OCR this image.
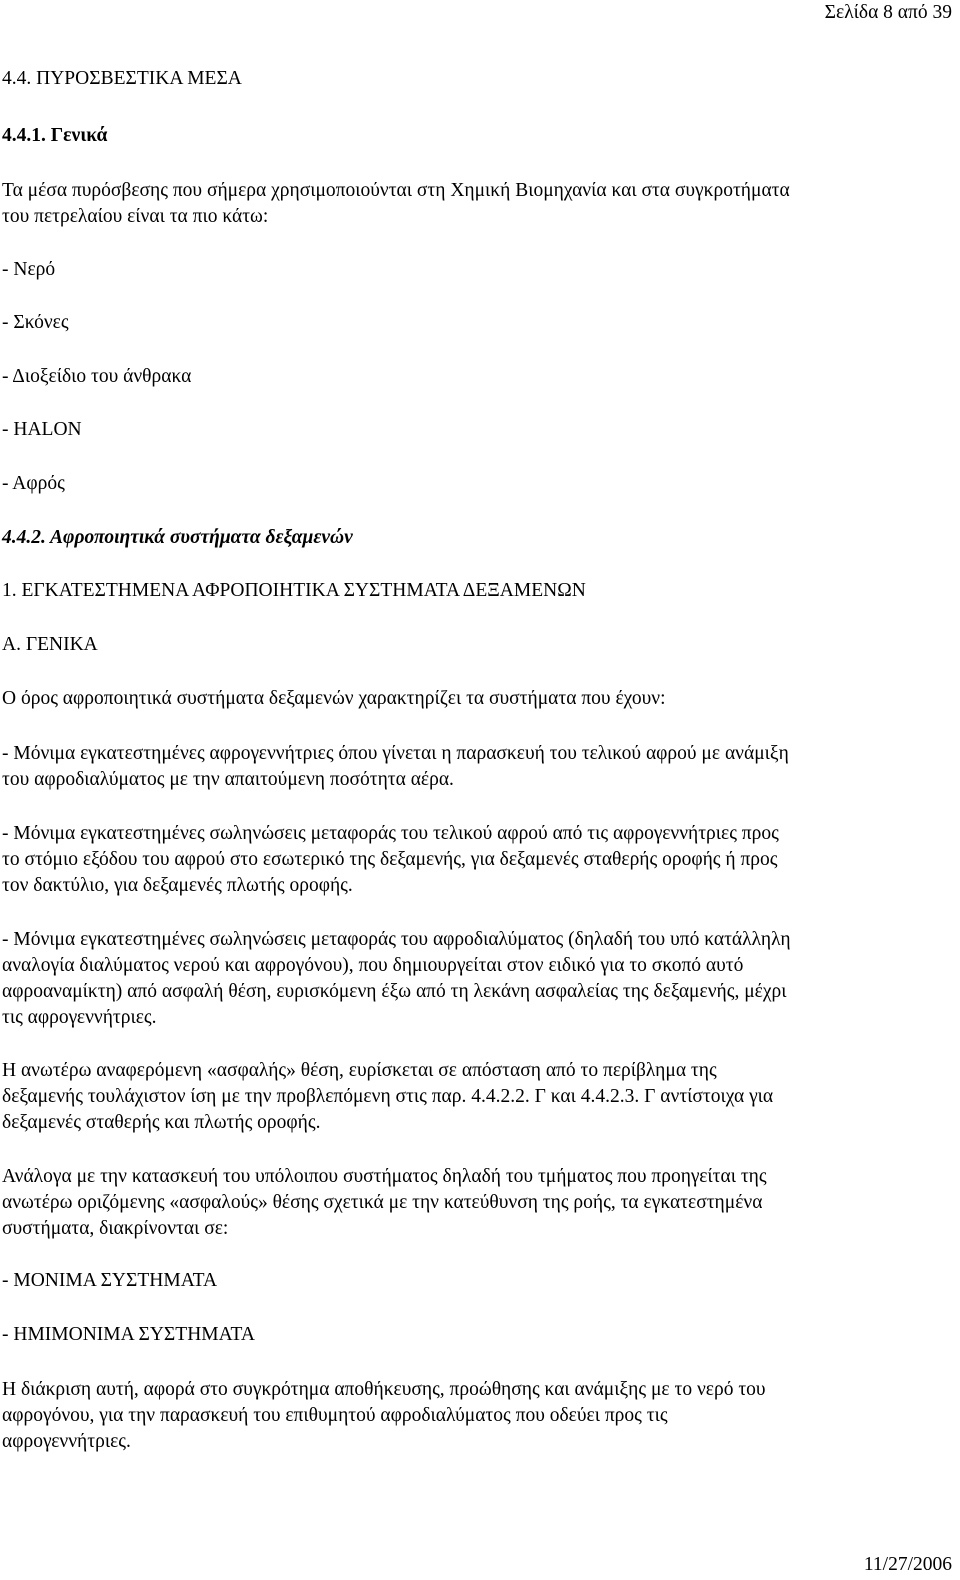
Σελίδα 8 από 39

4.4. ΠΥΡΟΣΒΕΣΤΙΚΑ ΜΕΣΑ

4.4.1. Γενικά

Τα μέσα πυρόσβεσης που σήμερα χρησιμοποιούνται στη Χημική Βιομηχανία και στα συγκροτήματα
του πετρελαίου είναι τα πιο κάτω:

- Νερό

- Σκόνες

- Διοξείδιο του άνθρακα

- HALON

- Αφρός

4.4.2. Αφροποιητικά συστήματα δεξαμενών

1. ΕΓΚΑΤΕΣΤΗΜΕΝΑ ΑΦΡΟΠΟΙΗΤΙΚΑ ΣΥΣΤΗΜΑΤΑ ΔΕΞΑΜΕΝΩΝ

Α. ΓΕΝΙΚΑ

Ο όρος αφροποιητικά συστήματα δεξαμενών χαρακτηρίζει τα συστήματα που έχουν:

- Μόνιμα εγκατεστημένες αφρογεννήτριες όπου γίνεται η παρασκευή του τελικού αφρού με ανάμιξη
του αφροδιαλύματος με την απαιτούμενη ποσότητα αέρα.
- Μόνιμα εγκατεστημένες σωληνώσεις μεταφοράς του τελικού αφρού από τις αφρογεννήτριες προς
το στόμιο εξόδου του αφρού στο εσωτερικό της δεξαμενής, για δεξαμενές σταθερής οροφής ή προς
τον δακτύλιο, για δεξαμενές πλωτής οροφής.
- Μόνιμα εγκατεστημένες σωληνώσεις μεταφοράς του αφροδιαλύματος (δηλαδή του υπό κατάλληλη
αναλογία διαλύματος νερού και αφρογόνου), που δημιουργείται στον ειδικό για το σκοπό αυτό
αφροαναμίκτη) από ασφαλή θέση, ευρισκόμενη έξω από τη λεκάνη ασφαλείας της δεξαμενής, μέχρι
τις αφρογεννήτριες.
Η ανωτέρω αναφερόμενη «ασφαλής» θέση, ευρίσκεται σε απόσταση από το περίβλημα της
δεξαμενής τουλάχιστον ίση με την προβλεπόμενη στις παρ. 4.4.2.2. Γ και 4.4.2.3. Γ αντίστοιχα για
δεξαμενές σταθερής και πλωτής οροφής.
Ανάλογα με την κατασκευή του υπόλοιπου συστήματος δηλαδή του τμήματος που προηγείται της
ανωτέρω οριζόμενης «ασφαλούς» θέσης σχετικά με την κατεύθυνση της ροής, τα εγκατεστημένα
συστήματα, διακρίνονται σε:

- ΜΟΝΙΜΑ ΣΥΣΤΗΜΑΤΑ

- ΗΜΙΜΟΝΙΜΑ ΣΥΣΤΗΜΑΤΑ

Η διάκριση αυτή, αφορά στο συγκρότημα αποθήκευσης, προώθησης και ανάμιξης με το νερό του
αφρογόνου, για την παρασκευή του επιθυμητού αφροδιαλύματος που οδεύει προς τις
αφρογεννήτριες.
11/27/2006
